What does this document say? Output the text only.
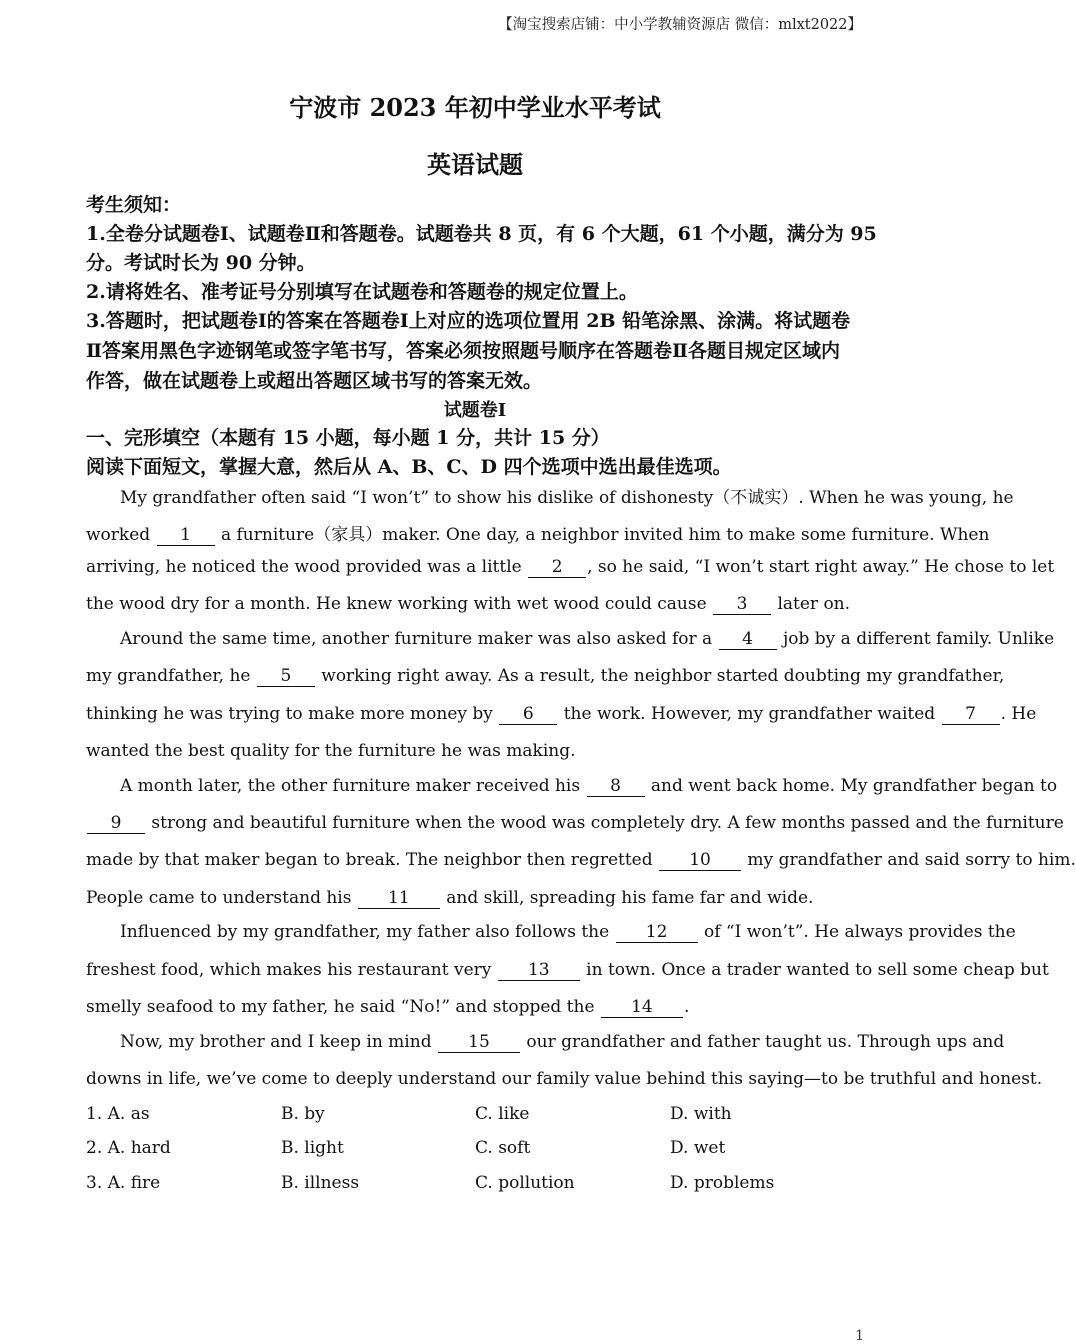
【淘宝搜索店铺：中小学教辅资源店 微信：mlxt2022】
宁波市 2023 年初中学业水平考试
英语试题
考生须知：
1.全卷分试题卷Ⅰ、试题卷Ⅱ和答题卷。试题卷共 8 页，有 6 个大题，61 个小题，满分为 95
分。考试时长为 90 分钟。
2.请将姓名、准考证号分别填写在试题卷和答题卷的规定位置上。
3.答题时，把试题卷Ⅰ的答案在答题卷Ⅰ上对应的选项位置用 2B 铅笔涂黑、涂满。将试题卷
Ⅱ答案用黑色字迹钢笔或签字笔书写，答案必须按照题号顺序在答题卷Ⅱ各题目规定区域内
作答，做在试题卷上或超出答题区域书写的答案无效。
试题卷Ⅰ
一、完形填空（本题有 15 小题，每小题 1 分，共计 15 分）
阅读下面短文，掌握大意，然后从 A、B、C、D 四个选项中选出最佳选项。
My grandfather often said “I won’t” to show his dislike of dishonesty（不诚实）. When he was young, he
worked 1 a furniture（家具）maker. One day, a neighbor invited him to make some furniture. When
arriving, he noticed the wood provided was a little 2 , so he said, “I won’t start right away.” He chose to let
the wood dry for a month. He knew working with wet wood could cause 3 later on.
Around the same time, another furniture maker was also asked for a 4 job by a different family. Unlike
my grandfather, he 5 working right away. As a result, the neighbor started doubting my grandfather,
thinking he was trying to make more money by 6 the work. However, my grandfather waited 7 . He
wanted the best quality for the furniture he was making.
A month later, the other furniture maker received his 8 and went back home. My grandfather began to
9 strong and beautiful furniture when the wood was completely dry. A few months passed and the furniture
made by that maker began to break. The neighbor then regretted 10 my grandfather and said sorry to him.
People came to understand his 11 and skill, spreading his fame far and wide.
Influenced by my grandfather, my father also follows the 12 of “I won’t”. He always provides the
freshest food, which makes his restaurant very 13 in town. Once a trader wanted to sell some cheap but
smelly seafood to my father, he said “No!” and stopped the 14 .
Now, my brother and I keep in mind 15 our grandfather and father taught us. Through ups and
downs in life, we’ve come to deeply understand our family value behind this saying—to be truthful and honest.
1. A. as	B. by	C. like	D. with
2. A. hard	B. light	C. soft	D. wet
3. A. fire	B. illness	C. pollution	D. problems
1
